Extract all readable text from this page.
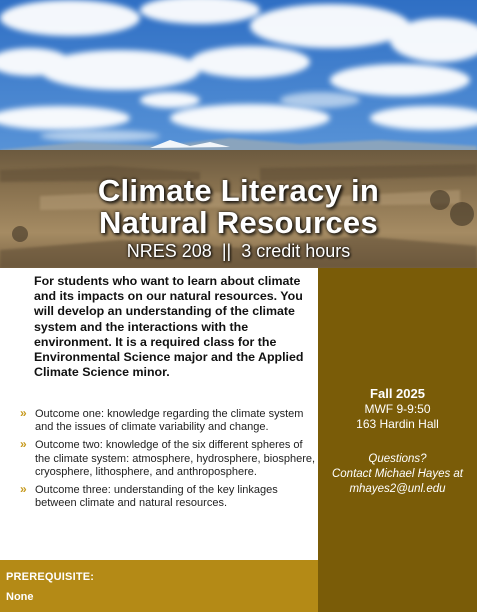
Climate Literacy in
Natural Resources
NRES 208 || 3 credit hours

For students who want to learn about climate and its impacts on our natural resources. You will develop an understanding of the climate system and the interactions with the environment. It is a required class for the Environmental Science major and the Applied Climate Science minor.

» Outcome one: knowledge regarding the climate system and the issues of climate variability and change.
» Outcome two: knowledge of the six different spheres of the climate system: atmosphere, hydrosphere, biosphere, cryosphere, lithosphere, and anthroposphere.
» Outcome three: understanding of the key linkages between climate and natural resources.
Fall 2025
MWF 9-9:50
163 Hardin Hall
Questions?
Contact Michael Hayes at
mhayes2@unl.edu
PREREQUISITE:
None
